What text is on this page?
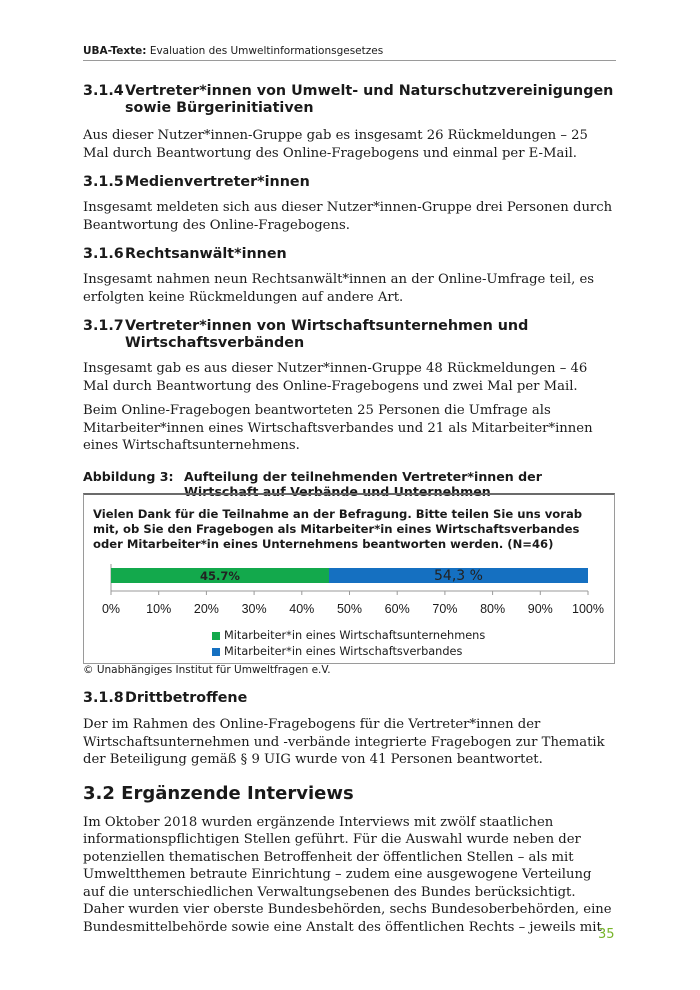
UBA-Texte: Evaluation des Umweltinformationsgesetzes
3.1.4 Vertreter*innen von Umwelt- und Naturschutzvereinigungen sowie Bürgerinitiativen

Aus dieser Nutzer*innen-Gruppe gab es insgesamt 26 Rückmeldungen – 25 Mal durch Beantwortung des Online-Fragebogens und einmal per E-Mail.

3.1.5 Medienvertreter*innen

Insgesamt meldeten sich aus dieser Nutzer*innen-Gruppe drei Personen durch Beantwortung des Online-Fragebogens.

3.1.6 Rechtsanwält*innen

Insgesamt nahmen neun Rechtsanwält*innen an der Online-Umfrage teil, es erfolgten keine Rückmeldungen auf andere Art.

3.1.7 Vertreter*innen von Wirtschaftsunternehmen und Wirtschaftsverbänden

Insgesamt gab es aus dieser Nutzer*innen-Gruppe 48 Rückmeldungen – 46 Mal durch Beantwortung des Online-Fragebogens und zwei Mal per Mail.

Beim Online-Fragebogen beantworteten 25 Personen die Umfrage als Mitarbeiter*innen eines Wirtschaftsverbandes und 21 als Mitarbeiter*innen eines Wirtschaftsunternehmens.

Abbildung 3: Aufteilung der teilnehmenden Vertreter*innen der Wirtschaft auf Verbände und Unternehmen
Vielen Dank für die Teilnahme an der Befragung. Bitte teilen Sie uns vorab mit, ob Sie den Fragebogen als Mitarbeiter*in eines Wirtschaftsverbandes oder Mitarbeiter*in eines Unternehmens beantworten werden. (N=46)
0% 10% 20% 30% 40% 50% 60% 70% 80% 90% 100%
45.7%	54,3 %
Mitarbeiter*in eines Wirtschaftsunternehmens
Mitarbeiter*in eines Wirtschaftsverbandes
© Unabhängiges Institut für Umweltfragen e.V.
3.1.8 Drittbetroffene

Der im Rahmen des Online-Fragebogens für die Vertreter*innen der Wirtschaftsunternehmen und -verbände integrierte Fragebogen zur Thematik der Beteiligung gemäß § 9 UIG wurde von 41 Personen beantwortet.

3.2 Ergänzende Interviews

Im Oktober 2018 wurden ergänzende Interviews mit zwölf staatlichen informationspflichtigen Stellen geführt. Für die Auswahl wurde neben der potenziellen thematischen Betroffenheit der öffentlichen Stellen – als mit Umweltthemen betraute Einrichtung – zudem eine ausgewogene Verteilung auf die unterschiedlichen Verwaltungsebenen des Bundes berücksichtigt. Daher wurden vier oberste Bundesbehörden, sechs Bundesoberbehörden, eine Bundesmittelbehörde sowie eine Anstalt des öffentlichen Rechts – jeweils mit

35
